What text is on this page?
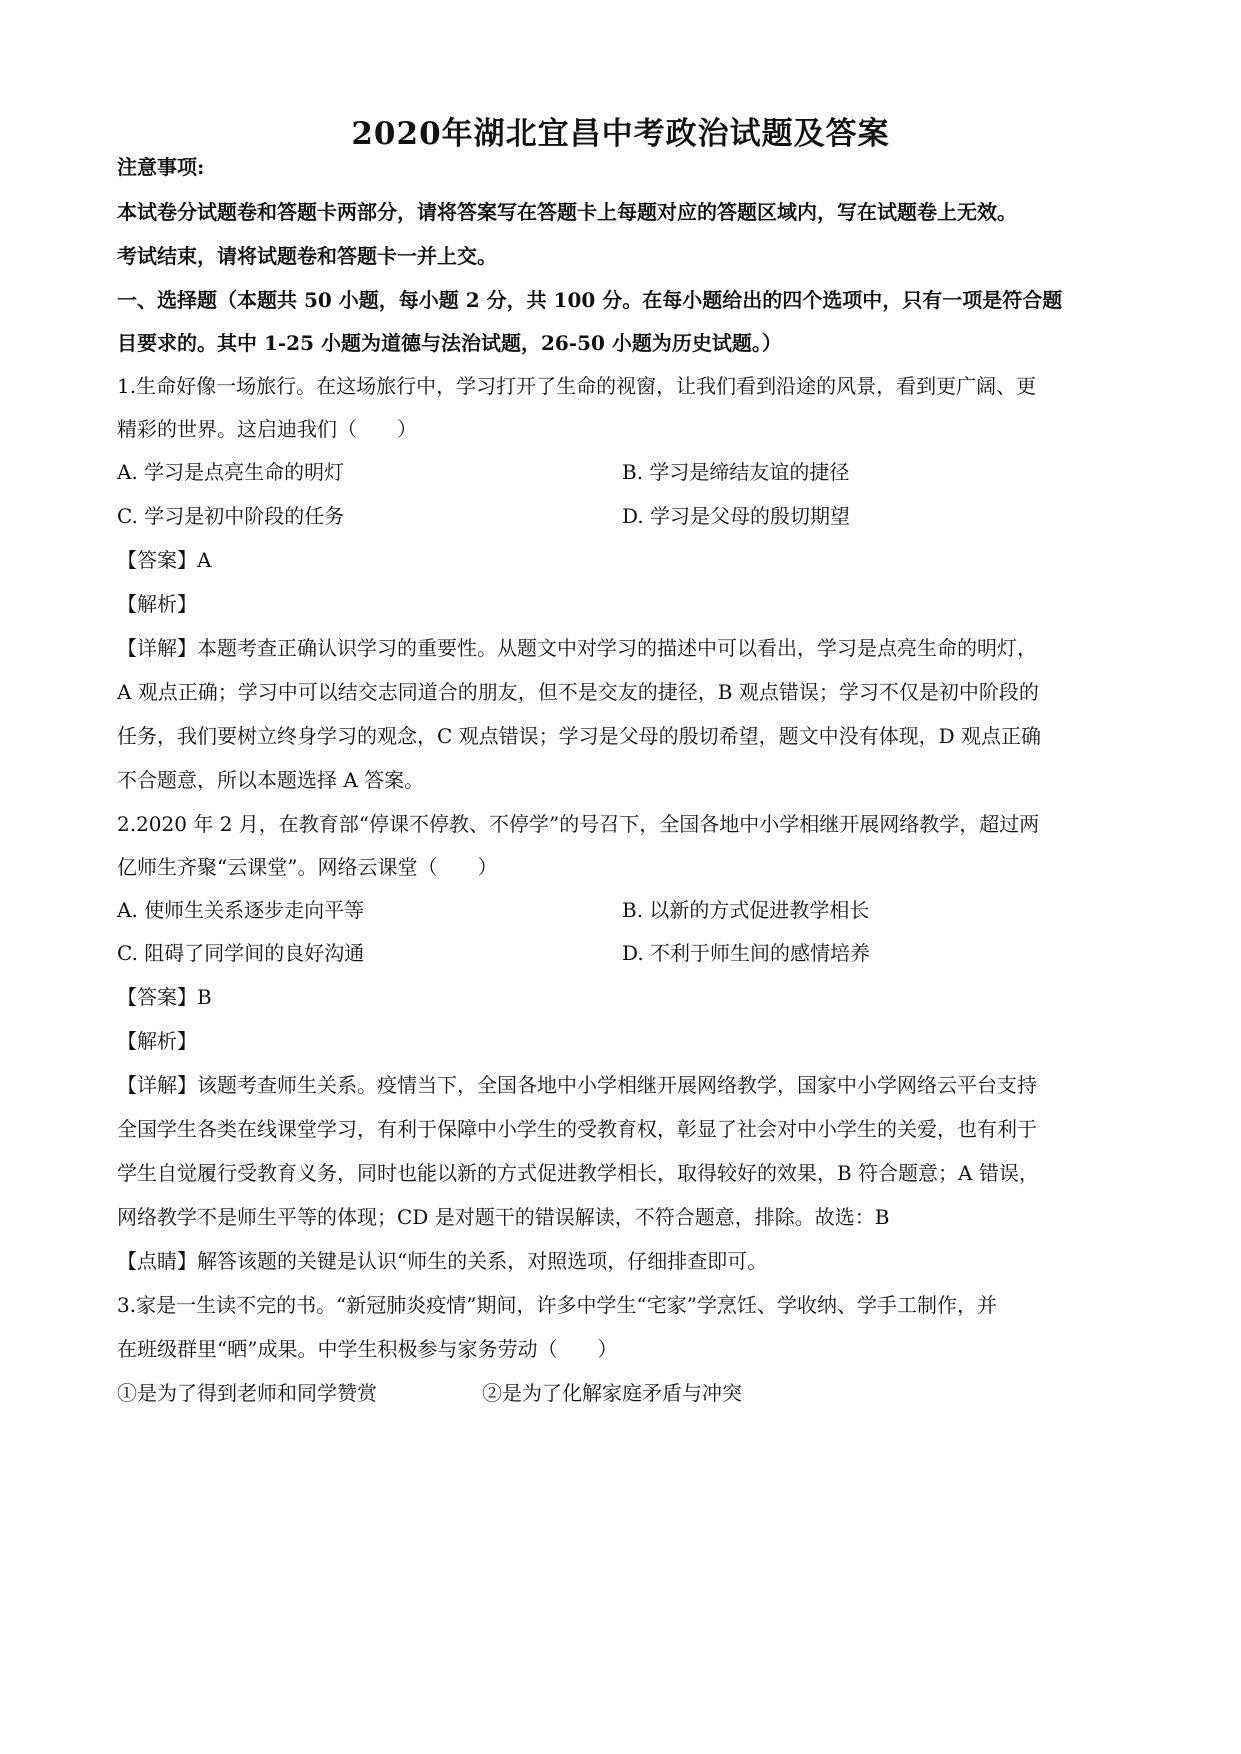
2020年湖北宜昌中考政治试题及答案
注意事项:
本试卷分试题卷和答题卡两部分，请将答案写在答题卡上每题对应的答题区域内，写在试题卷上无效。
考试结束，请将试题卷和答题卡一并上交。
一、选择题（本题共 50 小题，每小题 2 分，共 100 分。在每小题给出的四个选项中，只有一项是符合题
目要求的。其中 1-25 小题为道德与法治试题，26-50 小题为历史试题。）
1.生命好像一场旅行。在这场旅行中，学习打开了生命的视窗，让我们看到沿途的风景，看到更广阔、更
精彩的世界。这启迪我们（　　）
A. 学习是点亮生命的明灯	B. 学习是缔结友谊的捷径
C. 学习是初中阶段的任务	D. 学习是父母的殷切期望
【答案】A
【解析】
【详解】本题考查正确认识学习的重要性。从题文中对学习的描述中可以看出，学习是点亮生命的明灯，
A 观点正确；学习中可以结交志同道合的朋友，但不是交友的捷径，B 观点错误；学习不仅是初中阶段的
任务，我们要树立终身学习的观念，C 观点错误；学习是父母的殷切希望，题文中没有体现，D 观点正确
不合题意，所以本题选择 A 答案。
2.2020 年 2 月，在教育部“停课不停教、不停学”的号召下，全国各地中小学相继开展网络教学，超过两
亿师生齐聚“云课堂”。网络云课堂（　　）
A. 使师生关系逐步走向平等	B. 以新的方式促进教学相长
C. 阻碍了同学间的良好沟通	D. 不利于师生间的感情培养
【答案】B
【解析】
【详解】该题考查师生关系。疫情当下，全国各地中小学相继开展网络教学，国家中小学网络云平台支持
全国学生各类在线课堂学习，有利于保障中小学生的受教育权，彰显了社会对中小学生的关爱，也有利于
学生自觉履行受教育义务，同时也能以新的方式促进教学相长，取得较好的效果，B 符合题意；A 错误，
网络教学不是师生平等的体现；CD 是对题干的错误解读，不符合题意，排除。故选：B
【点睛】解答该题的关键是认识“师生的关系，对照选项，仔细排查即可。
3.家是一生读不完的书。“新冠肺炎疫情”期间，许多中学生“宅家”学烹饪、学收纳、学手工制作，并
在班级群里“晒”成果。中学生积极参与家务劳动（　　）
①是为了得到老师和同学赞赏	②是为了化解家庭矛盾与冲突
